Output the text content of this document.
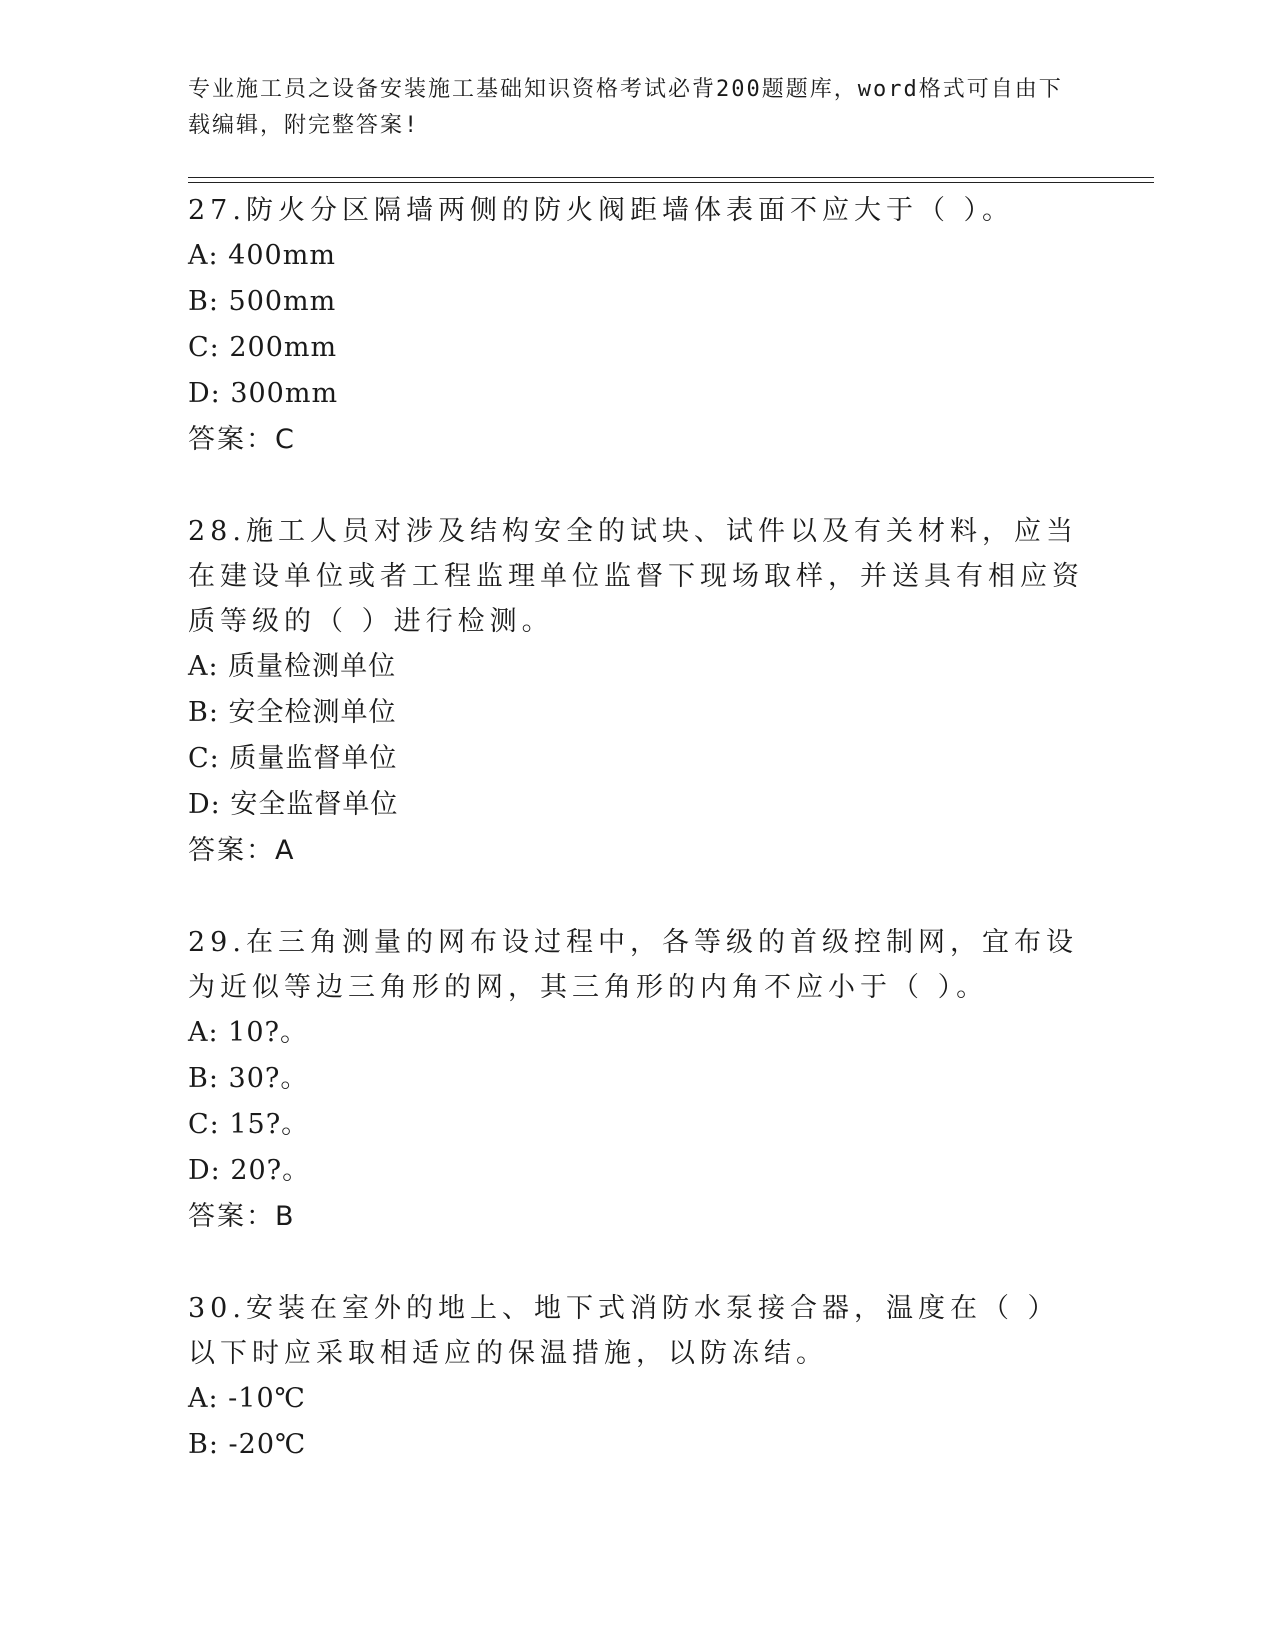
专业施工员之设备安装施工基础知识资格考试必背200题题库，word格式可自由下载编辑，附完整答案!

27.防火分区隔墙两侧的防火阀距墙体表面不应大于（ ）。

A: 400mm

B: 500mm

C: 200mm

D: 300mm

答案：C

28.施工人员对涉及结构安全的试块、试件以及有关材料，应当在建设单位或者工程监理单位监督下现场取样，并送具有相应资质等级的（ ）进行检测。

A: 质量检测单位

B: 安全检测单位

C: 质量监督单位

D: 安全监督单位

答案：A

29.在三角测量的网布设过程中，各等级的首级控制网，宜布设为近似等边三角形的网，其三角形的内角不应小于（ ）。

A: 10?。

B: 30?。

C: 15?。

D: 20?。

答案：B

30.安装在室外的地上、地下式消防水泵接合器，温度在（ ）以下时应采取相适应的保温措施，以防冻结。

A: -10℃

B: -20℃
